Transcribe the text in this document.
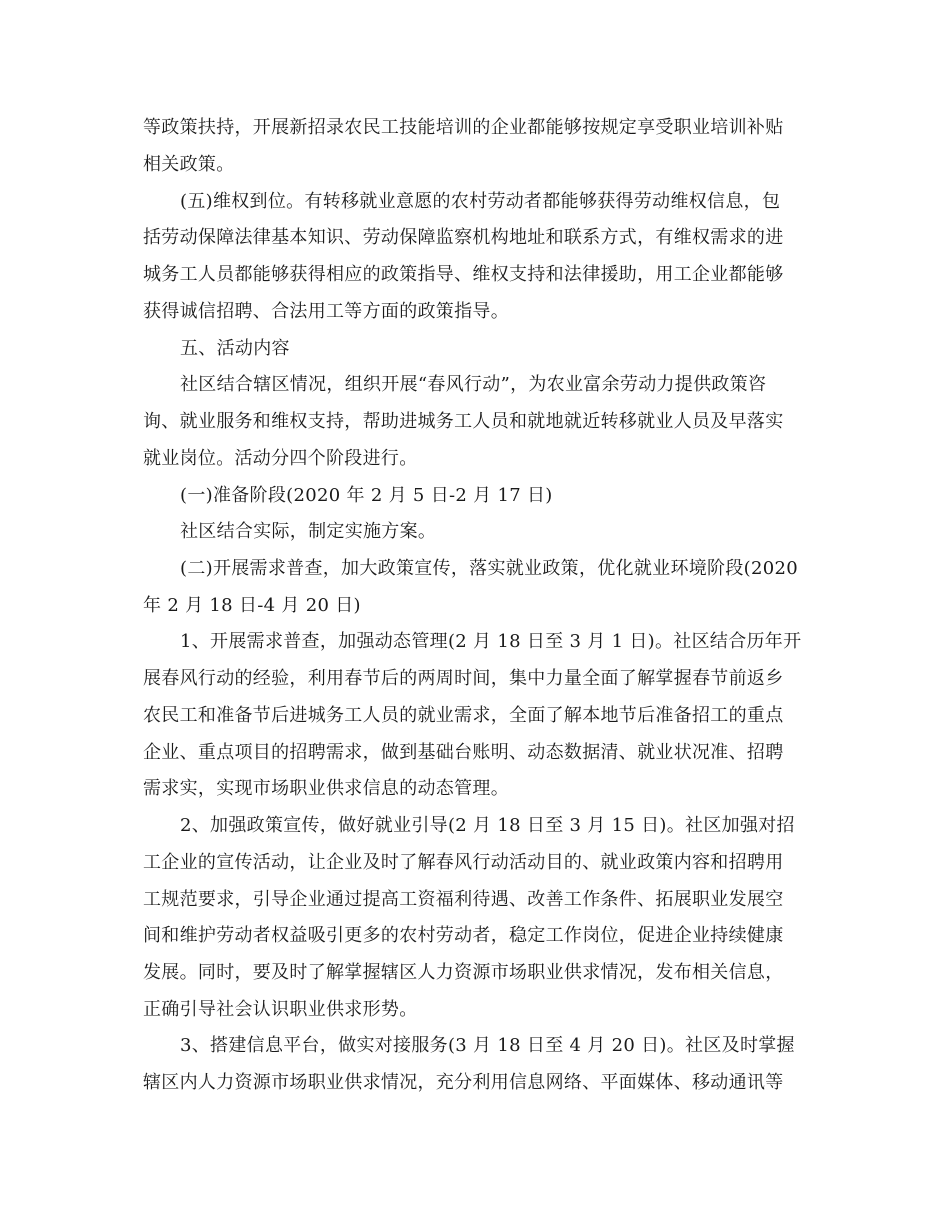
等政策扶持，开展新招录农民工技能培训的企业都能够按规定享受职业培训补贴
相关政策。
(五)维权到位。有转移就业意愿的农村劳动者都能够获得劳动维权信息，包
括劳动保障法律基本知识、劳动保障监察机构地址和联系方式，有维权需求的进
城务工人员都能够获得相应的政策指导、维权支持和法律援助，用工企业都能够
获得诚信招聘、合法用工等方面的政策指导。
五、活动内容
社区结合辖区情况，组织开展“春风行动”，为农业富余劳动力提供政策咨
询、就业服务和维权支持，帮助进城务工人员和就地就近转移就业人员及早落实
就业岗位。活动分四个阶段进行。
(一)准备阶段(2020 年 2 月 5 日-2 月 17 日)
社区结合实际，制定实施方案。
(二)开展需求普查，加大政策宣传，落实就业政策，优化就业环境阶段(2020
年 2 月 18 日-4 月 20 日)
1、开展需求普查，加强动态管理(2 月 18 日至 3 月 1 日)。社区结合历年开
展春风行动的经验，利用春节后的两周时间，集中力量全面了解掌握春节前返乡
农民工和准备节后进城务工人员的就业需求，全面了解本地节后准备招工的重点
企业、重点项目的招聘需求，做到基础台账明、动态数据清、就业状况准、招聘
需求实，实现市场职业供求信息的动态管理。
2、加强政策宣传，做好就业引导(2 月 18 日至 3 月 15 日)。社区加强对招
工企业的宣传活动，让企业及时了解春风行动活动目的、就业政策内容和招聘用
工规范要求，引导企业通过提高工资福利待遇、改善工作条件、拓展职业发展空
间和维护劳动者权益吸引更多的农村劳动者，稳定工作岗位，促进企业持续健康
发展。同时，要及时了解掌握辖区人力资源市场职业供求情况，发布相关信息，
正确引导社会认识职业供求形势。
3、搭建信息平台，做实对接服务(3 月 18 日至 4 月 20 日)。社区及时掌握
辖区内人力资源市场职业供求情况，充分利用信息网络、平面媒体、移动通讯等
